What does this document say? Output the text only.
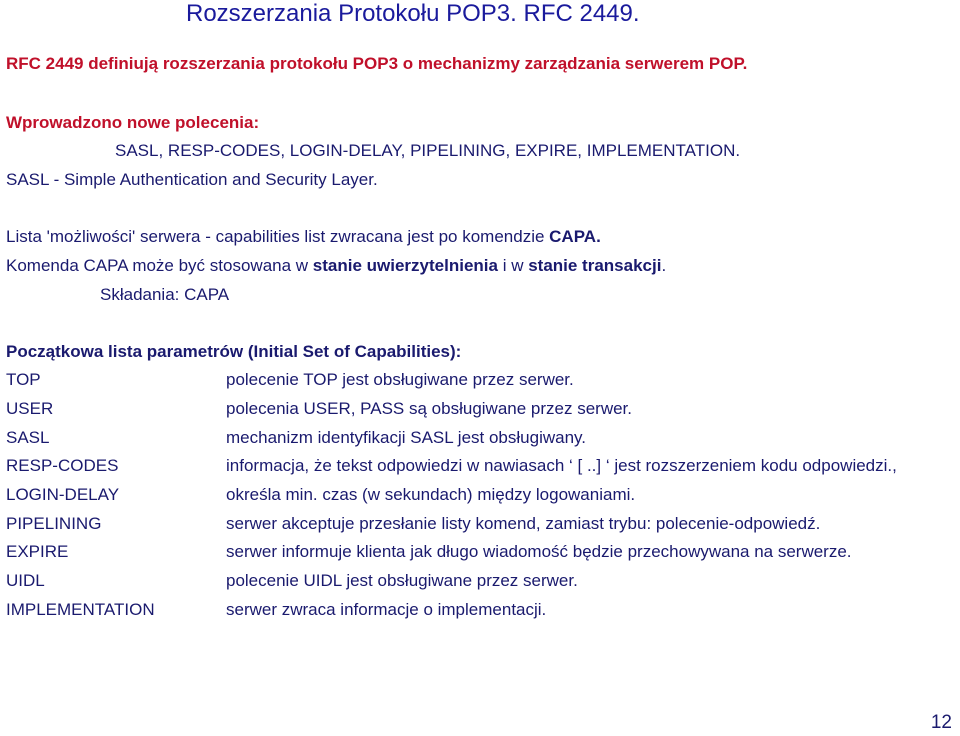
Rozszerzania Protokołu POP3. RFC 2449.
RFC 2449 definiują rozszerzania protokołu POP3 o mechanizmy zarządzania serwerem POP.
Wprowadzono nowe polecenia:
SASL, RESP-CODES, LOGIN-DELAY, PIPELINING, EXPIRE, IMPLEMENTATION.
SASL - Simple Authentication and Security Layer.
Lista 'możliwości' serwera - capabilities list zwracana jest po komendzie CAPA.
Komenda CAPA może być stosowana w stanie uwierzytelnienia i w stanie transakcji.
Składania: CAPA
Początkowa lista parametrów (Initial Set of Capabilities):
TOP	polecenie TOP jest obsługiwane przez serwer.
USER	polecenia USER, PASS są obsługiwane przez serwer.
SASL	mechanizm identyfikacji SASL jest obsługiwany.
RESP-CODES	informacja, że tekst odpowiedzi w nawiasach ‘ [ ..] ‘ jest rozszerzeniem kodu odpowiedzi.,
LOGIN-DELAY	określa min. czas (w sekundach) między logowaniami.
PIPELINING	serwer akceptuje przesłanie listy komend, zamiast trybu: polecenie-odpowiedź.
EXPIRE	serwer informuje klienta jak długo wiadomość będzie przechowywana na serwerze.
UIDL	polecenie UIDL jest obsługiwane przez serwer.
IMPLEMENTATION	serwer zwraca informacje o implementacji.
12
